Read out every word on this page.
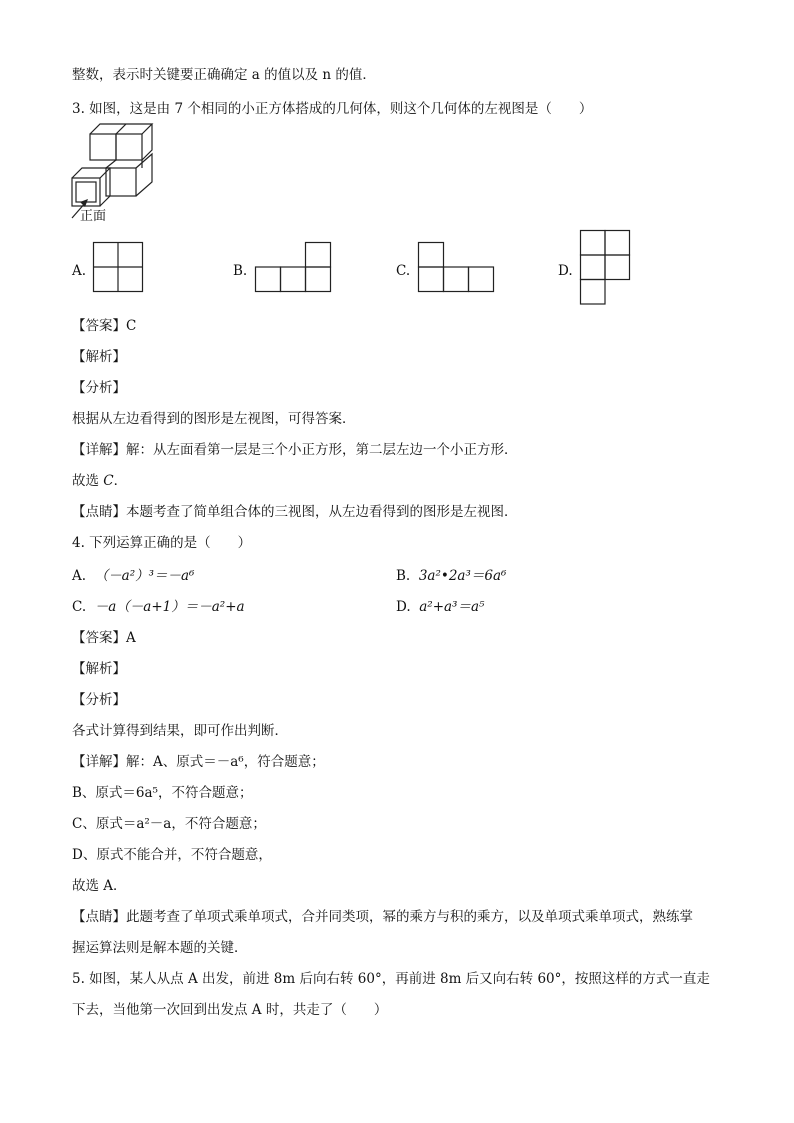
整数，表示时关键要正确确定 a 的值以及 n 的值．
3. 如图，这是由 7 个相同的小正方体搭成的几何体，则这个几何体的左视图是（　　）
正面
A.	B.	C.	D.
【答案】C
【解析】
【分析】
根据从左边看得到的图形是左视图，可得答案．
【详解】解：从左面看第一层是三个小正方形，第二层左边一个小正方形．
故选 C．
【点睛】本题考查了简单组合体的三视图，从左边看得到的图形是左视图．
4. 下列运算正确的是（　　）
A. （－a²）³＝－a⁶	B. 3a²•2a³＝6a⁶
C. －a（－a+1）＝－a²+a	D. a²+a³＝a⁵
【答案】A
【解析】
【分析】
各式计算得到结果，即可作出判断．
【详解】解：A、原式＝－a⁶，符合题意；
B、原式＝6a⁵，不符合题意；
C、原式＝a²－a，不符合题意；
D、原式不能合并，不符合题意，
故选 A．
【点睛】此题考查了单项式乘单项式，合并同类项，幂的乘方与积的乘方，以及单项式乘单项式，熟练掌
握运算法则是解本题的关键．
5. 如图，某人从点 A 出发，前进 8m 后向右转 60°，再前进 8m 后又向右转 60°，按照这样的方式一直走
下去，当他第一次回到出发点 A 时，共走了（　　）
